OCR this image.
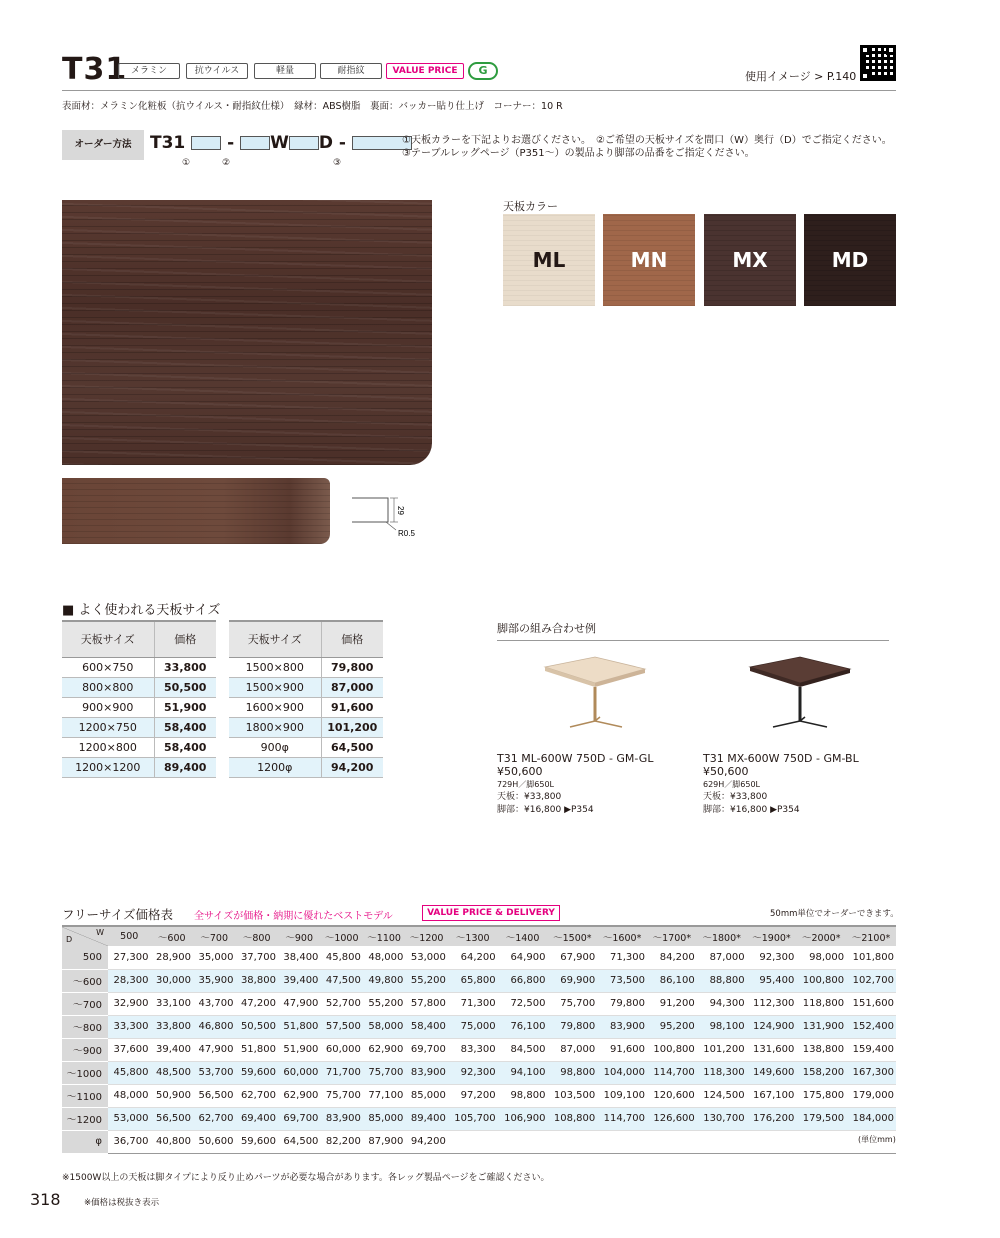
T31 メラミン	抗ウイルス	軽量	耐指紋	VALUE PRICE	G	使用イメージ > P.140
表面材：メラミン化粧板（抗ウイルス・耐指紋仕様）　縁材：ABS樹脂　裏面：バッカー貼り仕上げ　コーナー：10 R
オーダー方法	T31 - W D -
①	②	③
①天板カラーを下記よりお選びください。　②ご希望の天板サイズを間口（W）奥行（D）でご指定ください。
③テーブルレッグページ（P351～）の製品より脚部の品番をご指定ください。
29
R0.5
天板カラー
ML	MN	MX	MD
■ よく使われる天板サイズ
天板サイズ	価格
600×750	33,800
800×800	50,500
900×900	51,900
1200×750	58,400
1200×800	58,400
1200×1200	89,400
天板サイズ	価格
1500×800	79,800
1500×900	87,000
1600×900	91,600
1800×900	101,200
900φ	64,500
1200φ	94,200
脚部の組み合わせ例
T31 ML-600W 750D - GM-GL
¥50,600
729H／脚650L
天板：¥33,800
脚部：¥16,800 ▶P354
T31 MX-600W 750D - GM-BL
¥50,600
629H／脚650L
天板：¥33,800
脚部：¥16,800 ▶P354
フリーサイズ価格表 全サイズが価格・納期に優れたベストモデル	VALUE PRICE & DELIVERY	50mm単位でオーダーできます。
D
W	500	～600	～700	～800	～900	～1000	～1100	～1200	～1300	～1400	～1500*	～1600*	～1700*	～1800*	～1900*	～2000*	～2100*
500	27,300	28,900	35,000	37,700	38,400	45,800	48,000	53,000	64,200	64,900	67,900	71,300	84,200	87,000	92,300	98,000	101,800
～600	28,300	30,000	35,900	38,800	39,400	47,500	49,800	55,200	65,800	66,800	69,900	73,500	86,100	88,800	95,400	100,800	102,700
～700	32,900	33,100	43,700	47,200	47,900	52,700	55,200	57,800	71,300	72,500	75,700	79,800	91,200	94,300	112,300	118,800	151,600
～800	33,300	33,800	46,800	50,500	51,800	57,500	58,000	58,400	75,000	76,100	79,800	83,900	95,200	98,100	124,900	131,900	152,400
～900	37,600	39,400	47,900	51,800	51,900	60,000	62,900	69,700	83,300	84,500	87,000	91,600	100,800	101,200	131,600	138,800	159,400
～1000	45,800	48,500	53,700	59,600	60,000	71,700	75,700	83,900	92,300	94,100	98,800	104,000	114,700	118,300	149,600	158,200	167,300
～1100	48,000	50,900	56,500	62,700	62,900	75,700	77,100	85,000	97,200	98,800	103,500	109,100	120,600	124,500	167,100	175,800	179,000
～1200	53,000	56,500	62,700	69,400	69,700	83,900	85,000	89,400	105,700	106,900	108,800	114,700	126,600	130,700	176,200	179,500	184,000
φ	36,700	40,800	50,600	59,600	64,500	82,200	87,900	94,200										(単位mm)
※1500W以上の天板は脚タイプにより反り止めパーツが必要な場合があります。各レッグ製品ページをご確認ください。
318	※価格は税抜き表示
